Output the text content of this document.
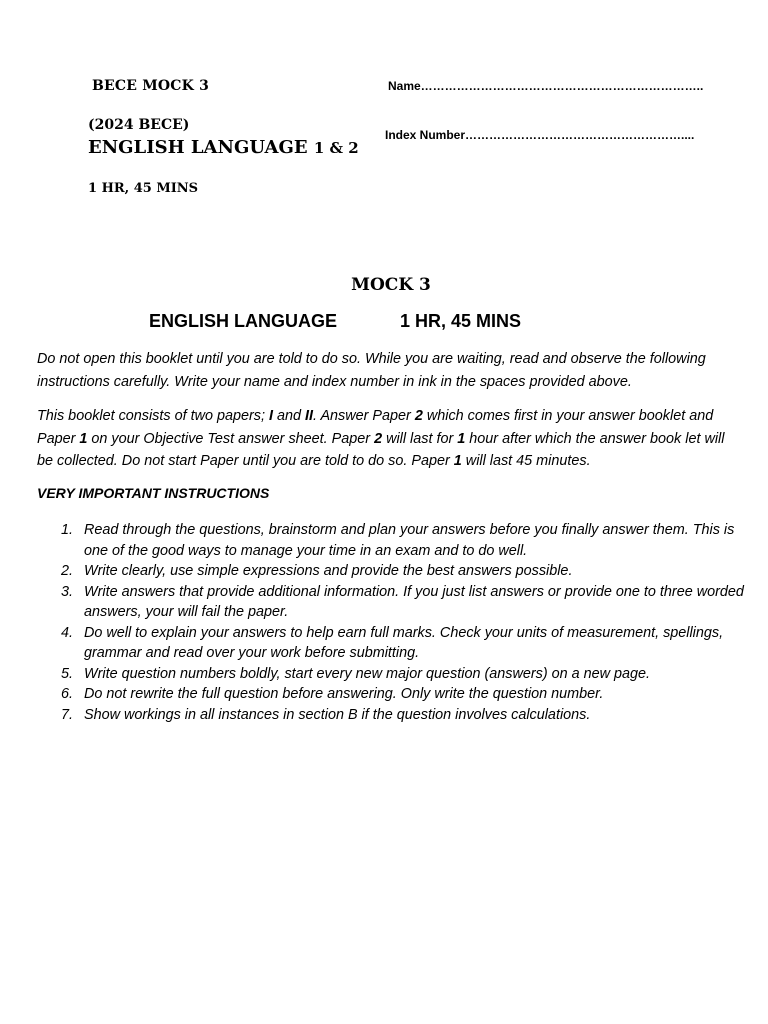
BECE MOCK 3
(2024 BECE)
ENGLISH LANGUAGE 1 & 2
1 HR, 45 MINS
Name……………………………………………………………..
Index Number………………………………………………....
MOCK 3
ENGLISH LANGUAGE	1 HR, 45 MINS

Do not open this booklet until you are told to do so. While you are waiting, read and observe the following instructions carefully. Write your name and index number in ink in the spaces provided above.

This booklet consists of two papers; I and II. Answer Paper 2 which comes first in your answer booklet and Paper 1 on your Objective Test answer sheet. Paper 2 will last for 1 hour after which the answer book let will be collected. Do not start Paper until you are told to do so. Paper 1 will last 45 minutes.

VERY IMPORTANT INSTRUCTIONS
1. Read through the questions, brainstorm and plan your answers before you finally answer them. This is one of the good ways to manage your time in an exam and to do well.
2. Write clearly, use simple expressions and provide the best answers possible.
3. Write answers that provide additional information. If you just list answers or provide one to three worded answers, your will fail the paper.
4. Do well to explain your answers to help earn full marks. Check your units of measurement, spellings, grammar and read over your work before submitting.
5. Write question numbers boldly, start every new major question (answers) on a new page.
6. Do not rewrite the full question before answering. Only write the question number.
7. Show workings in all instances in section B if the question involves calculations.
